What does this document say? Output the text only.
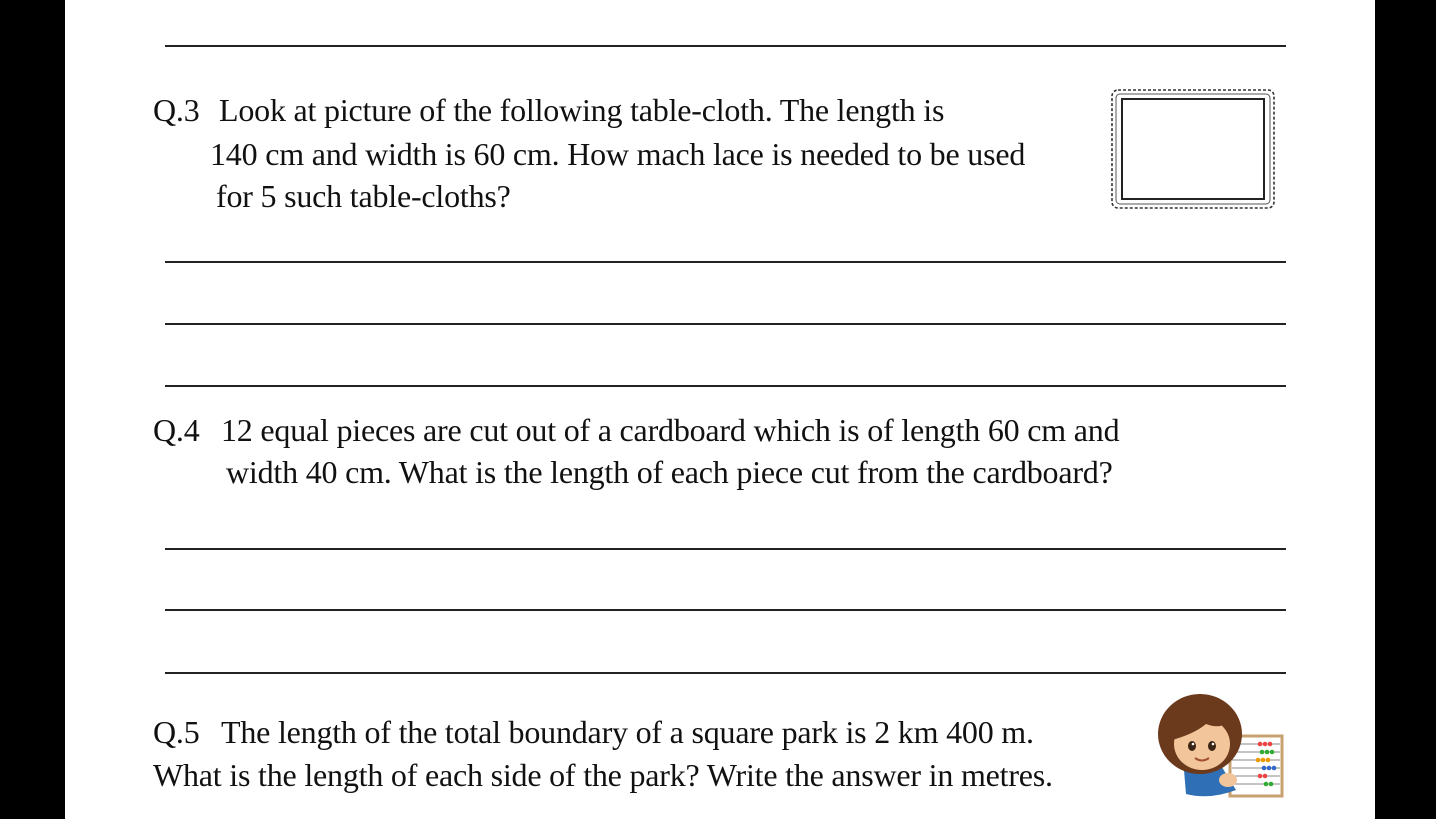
Q.3 Look at picture of the following table-cloth. The length is
140 cm and width is 60 cm. How mach lace is needed to be used
for 5 such table-cloths?
Q.4 12 equal pieces are cut out of a cardboard which is of length 60 cm and
width 40 cm. What is the length of each piece cut from the cardboard?
Q.5 The length of the total boundary of a square park is 2 km 400 m.
What is the length of each side of the park? Write the answer in metres.
